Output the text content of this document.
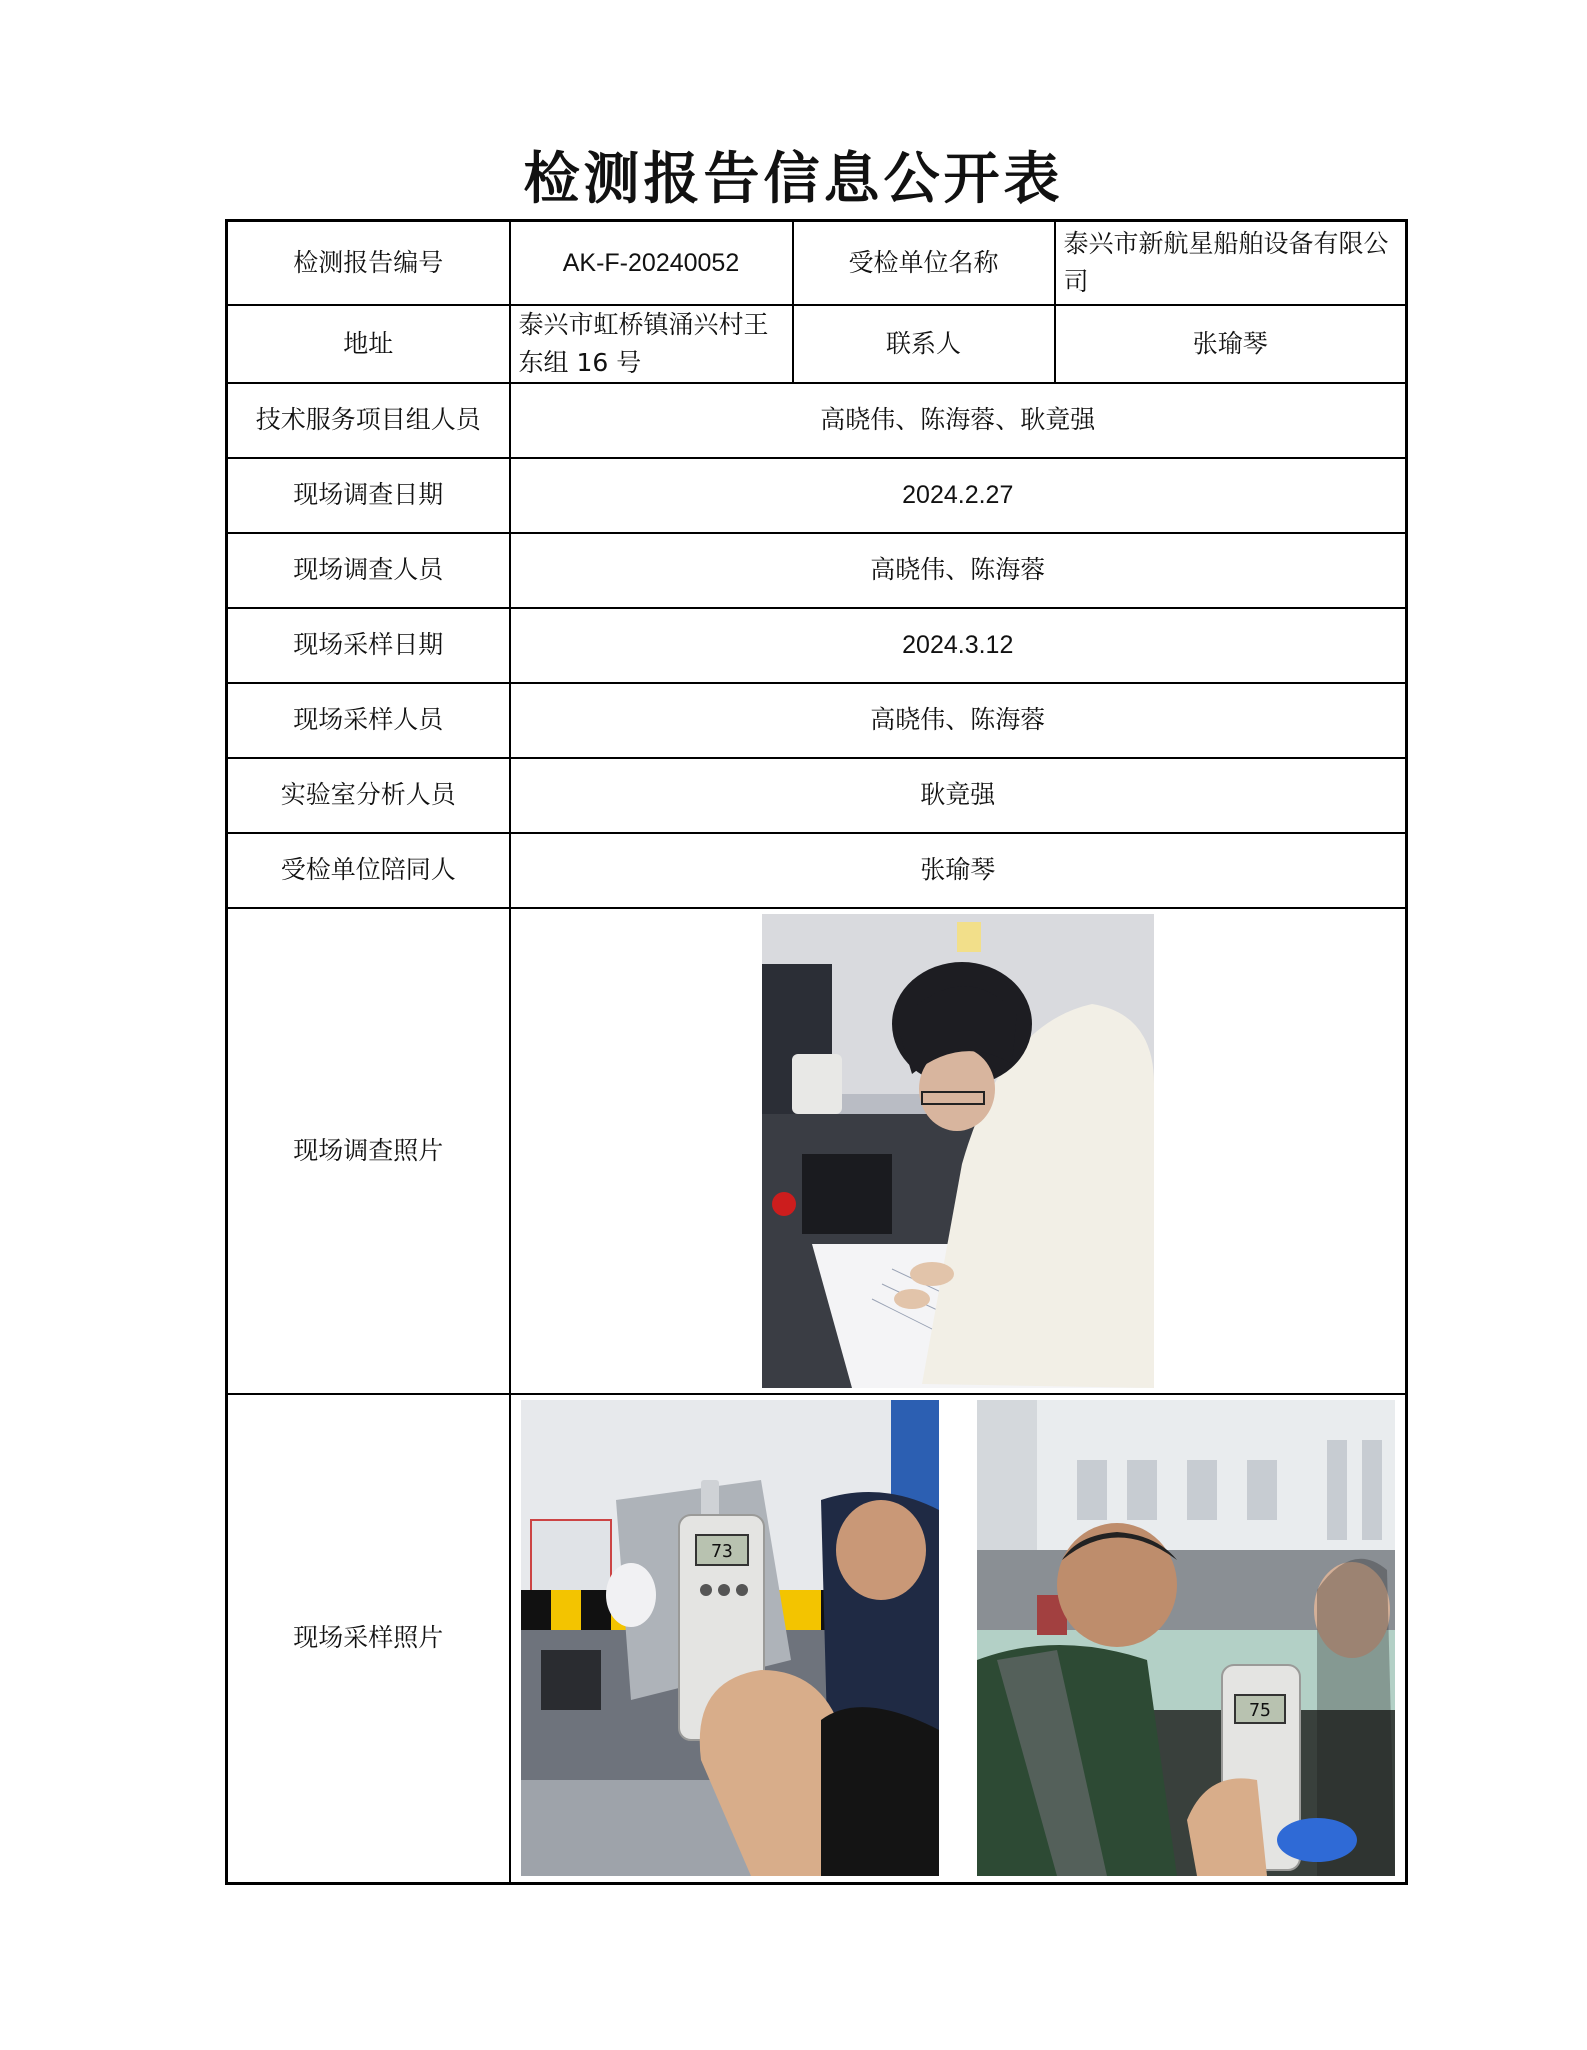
检测报告信息公开表
检测报告编号	AK-F-20240052	受检单位名称	泰兴市新航星船舶设备有限公司
地址	泰兴市虹桥镇涌兴村王东组 16 号	联系人	张瑜琴
技术服务项目组人员	高晓伟、陈海蓉、耿竟强		
现场调查日期	2024.2.27		
现场调查人员	高晓伟、陈海蓉		
现场采样日期	2024.3.12		
现场采样人员	高晓伟、陈海蓉		
实验室分析人员	耿竟强		
受检单位陪同人	张瑜琴		
现场调查照片	

现场采样照片	73
75		
